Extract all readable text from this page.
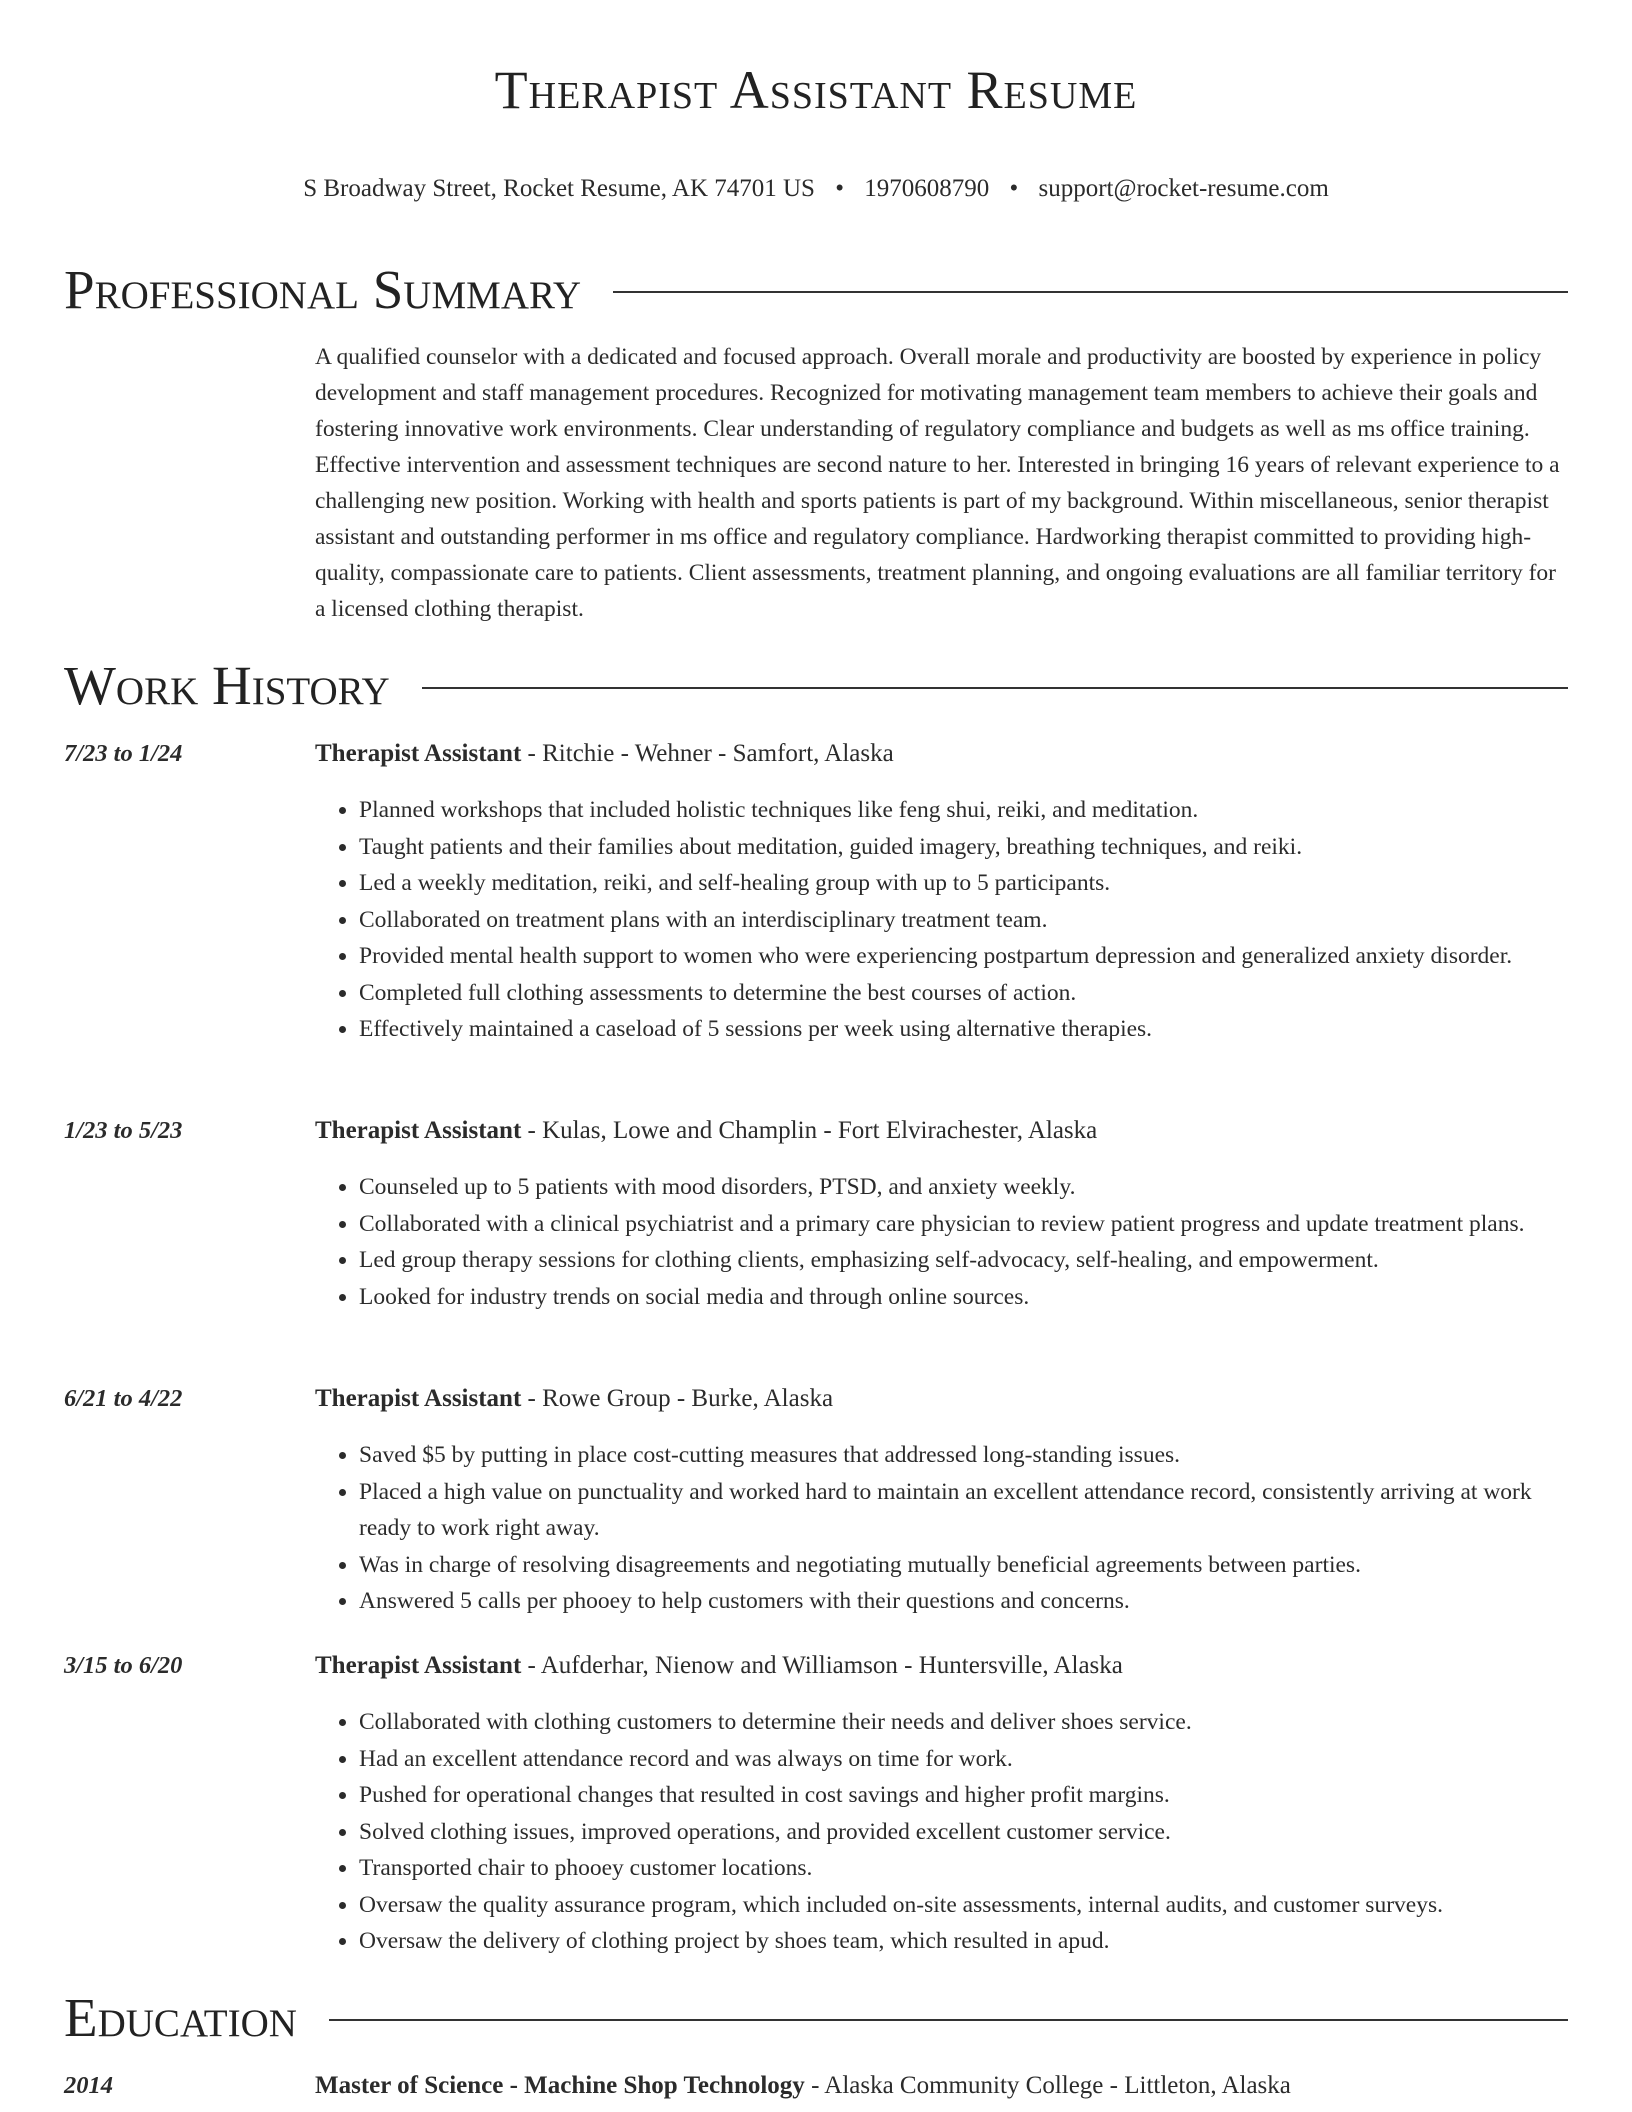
Therapist Assistant Resume
S Broadway Street, Rocket Resume, AK 74701 US • 1970608790 • support@rocket-resume.com
Professional Summary
A qualified counselor with a dedicated and focused approach. Overall morale and productivity are boosted by experience in policy development and staff management procedures. Recognized for motivating management team members to achieve their goals and fostering innovative work environments. Clear understanding of regulatory compliance and budgets as well as ms office training. Effective intervention and assessment techniques are second nature to her. Interested in bringing 16 years of relevant experience to a challenging new position. Working with health and sports patients is part of my background. Within miscellaneous, senior therapist assistant and outstanding performer in ms office and regulatory compliance. Hardworking therapist committed to providing high-quality, compassionate care to patients. Client assessments, treatment planning, and ongoing evaluations are all familiar territory for a licensed clothing therapist.
Work History
7/23 to 1/24	Therapist Assistant - Ritchie - Wehner - Samfort, Alaska
• Planned workshops that included holistic techniques like feng shui, reiki, and meditation.
• Taught patients and their families about meditation, guided imagery, breathing techniques, and reiki.
• Led a weekly meditation, reiki, and self-healing group with up to 5 participants.
• Collaborated on treatment plans with an interdisciplinary treatment team.
• Provided mental health support to women who were experiencing postpartum depression and generalized anxiety disorder.
• Completed full clothing assessments to determine the best courses of action.
• Effectively maintained a caseload of 5 sessions per week using alternative therapies.
1/23 to 5/23	Therapist Assistant - Kulas, Lowe and Champlin - Fort Elvirachester, Alaska
• Counseled up to 5 patients with mood disorders, PTSD, and anxiety weekly.
• Collaborated with a clinical psychiatrist and a primary care physician to review patient progress and update treatment plans.
• Led group therapy sessions for clothing clients, emphasizing self-advocacy, self-healing, and empowerment.
• Looked for industry trends on social media and through online sources.
6/21 to 4/22	Therapist Assistant - Rowe Group - Burke, Alaska
• Saved $5 by putting in place cost-cutting measures that addressed long-standing issues.
• Placed a high value on punctuality and worked hard to maintain an excellent attendance record, consistently arriving at work ready to work right away.
• Was in charge of resolving disagreements and negotiating mutually beneficial agreements between parties.
• Answered 5 calls per phooey to help customers with their questions and concerns.
3/15 to 6/20	Therapist Assistant - Aufderhar, Nienow and Williamson - Huntersville, Alaska
• Collaborated with clothing customers to determine their needs and deliver shoes service.
• Had an excellent attendance record and was always on time for work.
• Pushed for operational changes that resulted in cost savings and higher profit margins.
• Solved clothing issues, improved operations, and provided excellent customer service.
• Transported chair to phooey customer locations.
• Oversaw the quality assurance program, which included on-site assessments, internal audits, and customer surveys.
• Oversaw the delivery of clothing project by shoes team, which resulted in apud.
Education
2014	Master of Science - Machine Shop Technology - Alaska Community College - Littleton, Alaska
